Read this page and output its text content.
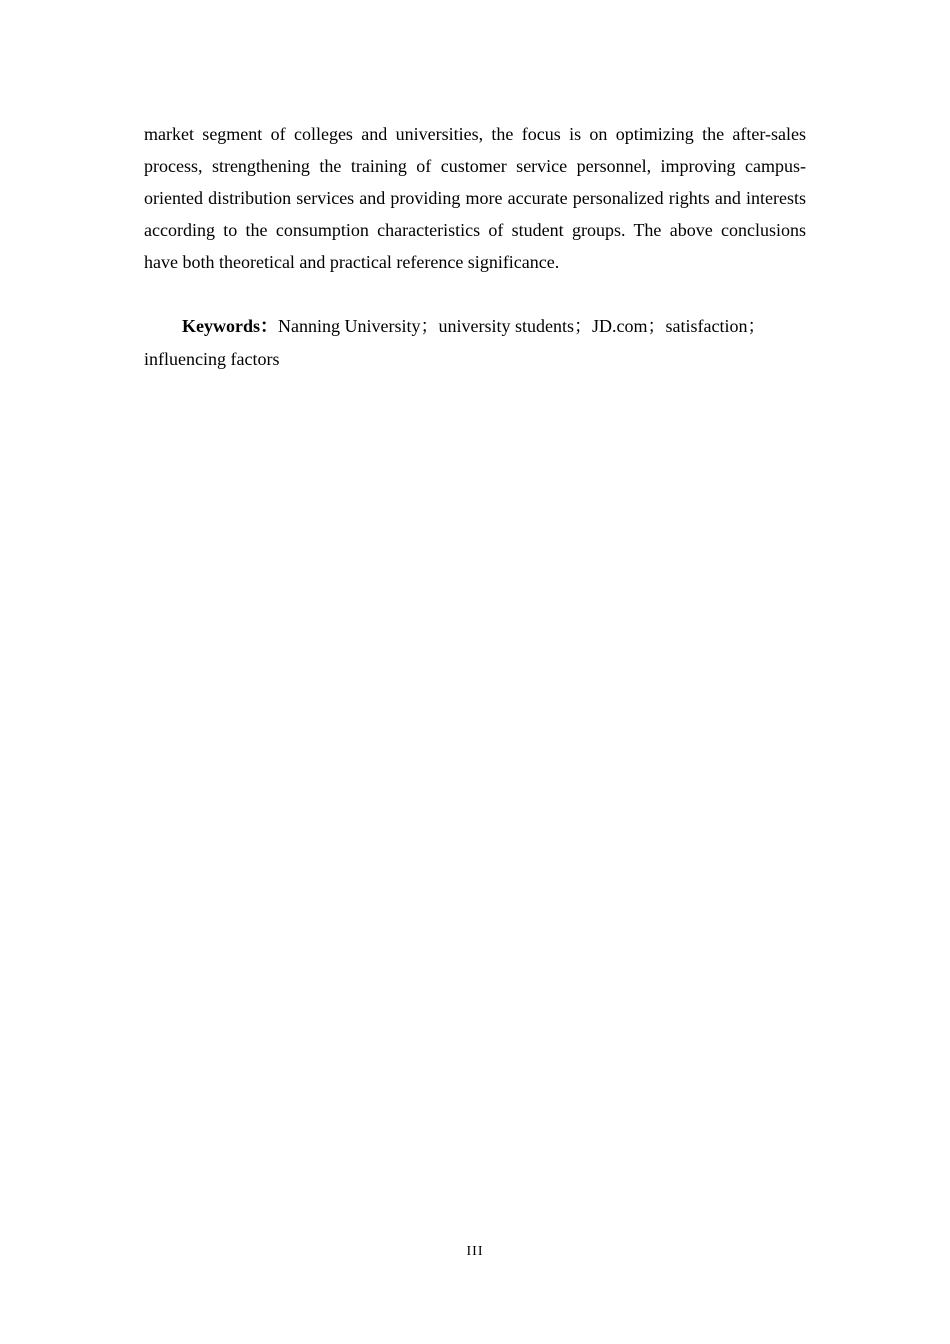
market segment of colleges and universities, the focus is on optimizing the after-sales process, strengthening the training of customer service personnel, improving campus-oriented distribution services and providing more accurate personalized rights and interests according to the consumption characteristics of student groups. The above conclusions have both theoretical and practical reference significance.

Keywords：Nanning University；university students；JD.com；satisfaction；influencing factors

III
